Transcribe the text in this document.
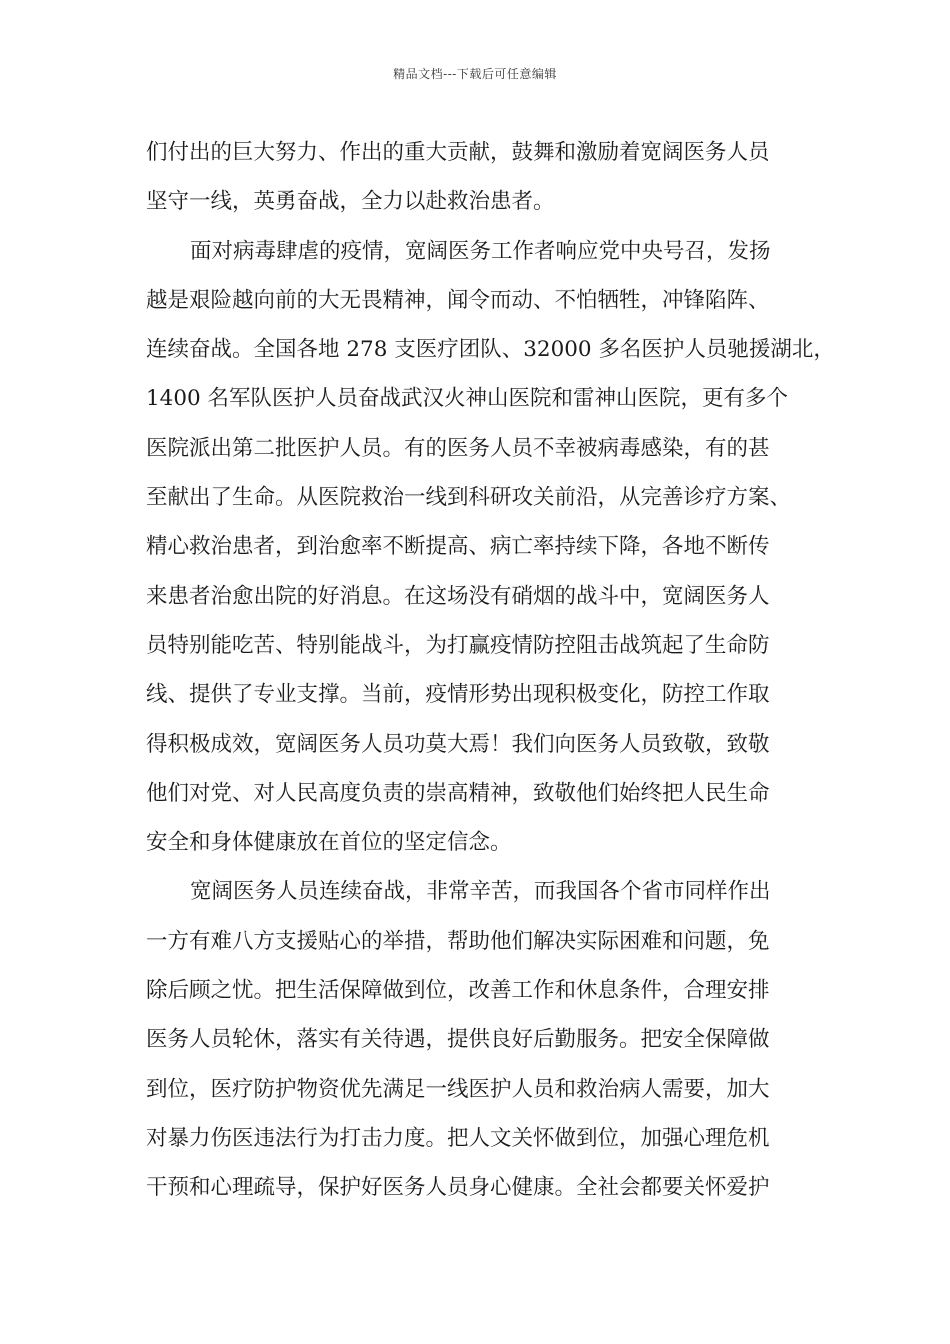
精品文档---下载后可任意编辑
们付出的巨大努力、作出的重大贡献，鼓舞和激励着宽阔医务人员
坚守一线，英勇奋战，全力以赴救治患者。
面对病毒肆虐的疫情，宽阔医务工作者响应党中央号召，发扬
越是艰险越向前的大无畏精神，闻令而动、不怕牺牲，冲锋陷阵、
连续奋战。全国各地 278 支医疗团队、32000 多名医护人员驰援湖北，
1400 名军队医护人员奋战武汉火神山医院和雷神山医院，更有多个
医院派出第二批医护人员。有的医务人员不幸被病毒感染，有的甚
至献出了生命。从医院救治一线到科研攻关前沿，从完善诊疗方案、
精心救治患者，到治愈率不断提高、病亡率持续下降，各地不断传
来患者治愈出院的好消息。在这场没有硝烟的战斗中，宽阔医务人
员特别能吃苦、特别能战斗，为打赢疫情防控阻击战筑起了生命防
线、提供了专业支撑。当前，疫情形势出现积极变化，防控工作取
得积极成效，宽阔医务人员功莫大焉！我们向医务人员致敬，致敬
他们对党、对人民高度负责的崇高精神，致敬他们始终把人民生命
安全和身体健康放在首位的坚定信念。
宽阔医务人员连续奋战，非常辛苦，而我国各个省市同样作出
一方有难八方支援贴心的举措，帮助他们解决实际困难和问题，免
除后顾之忧。把生活保障做到位，改善工作和休息条件，合理安排
医务人员轮休，落实有关待遇，提供良好后勤服务。把安全保障做
到位，医疗防护物资优先满足一线医护人员和救治病人需要，加大
对暴力伤医违法行为打击力度。把人文关怀做到位，加强心理危机
干预和心理疏导，保护好医务人员身心健康。全社会都要关怀爱护
